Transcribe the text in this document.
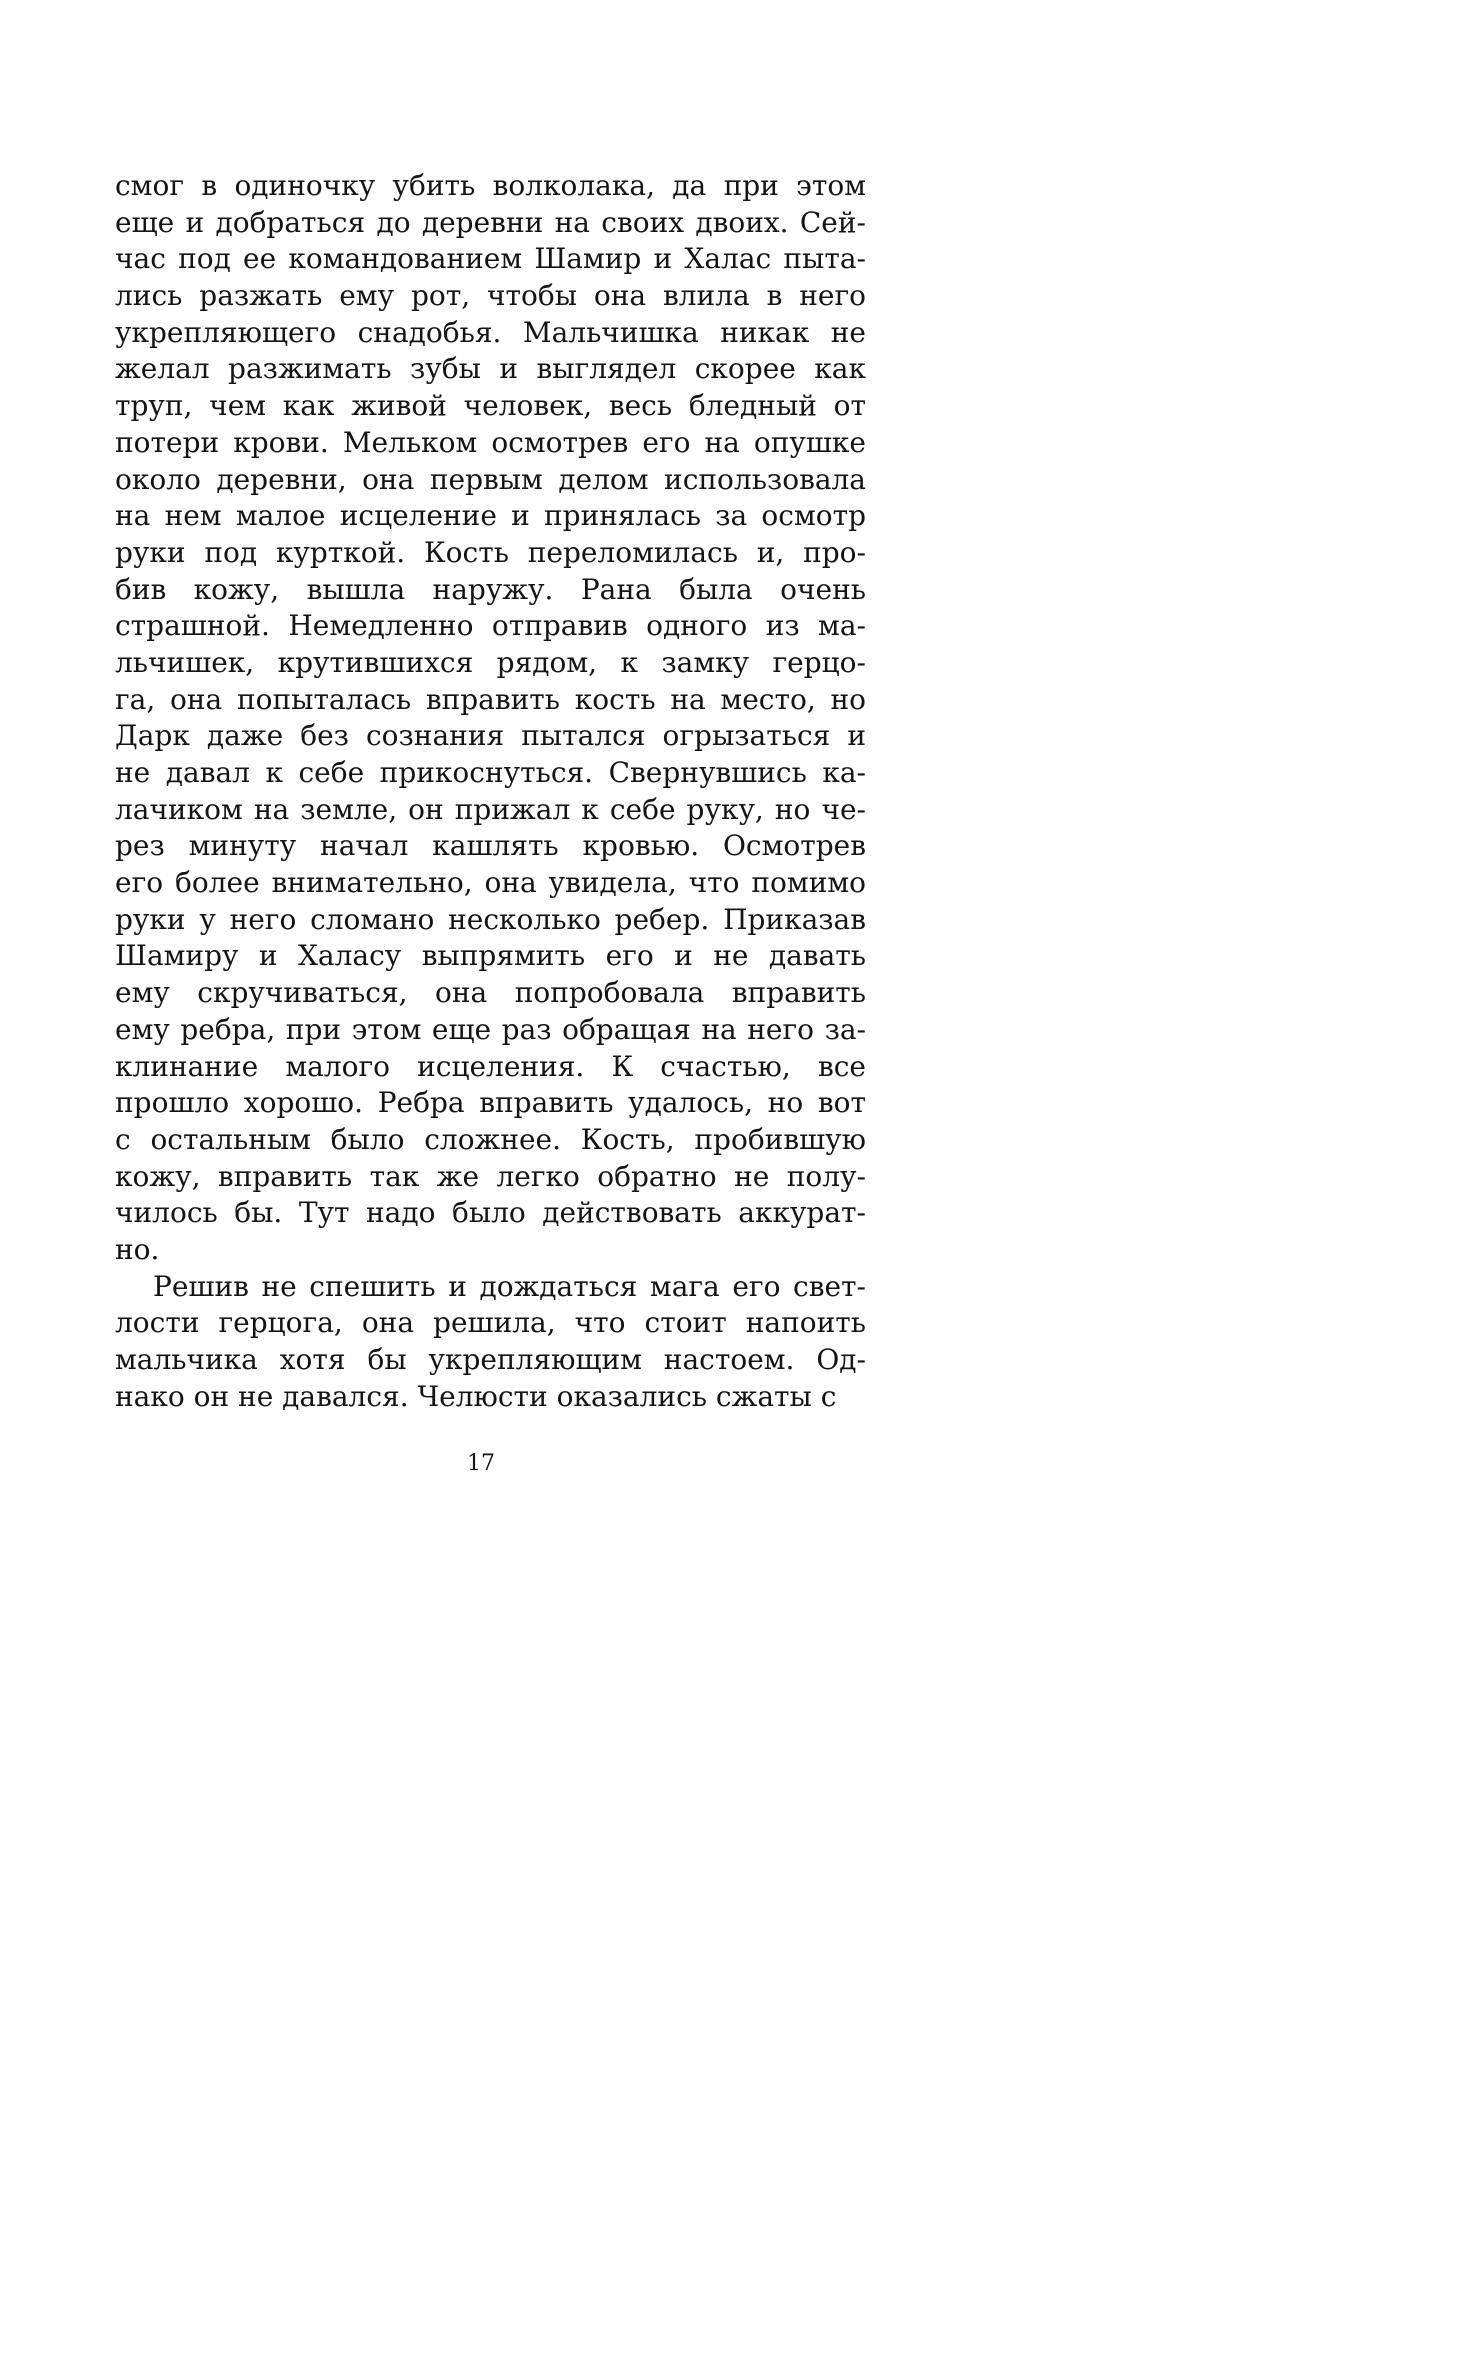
смог в одиночку убить волколака, да при этом
еще и добраться до деревни на своих двоих. Сей-
час под ее командованием Шамир и Халас пыта-
лись разжать ему рот, чтобы она влила в него
укрепляющего снадобья. Мальчишка никак не
желал разжимать зубы и выглядел скорее как
труп, чем как живой человек, весь бледный от
потери крови. Мельком осмотрев его на опушке
около деревни, она первым делом использовала
на нем малое исцеление и принялась за осмотр
руки под курткой. Кость переломилась и, про-
бив кожу, вышла наружу. Рана была очень
страшной. Немедленно отправив одного из ма-
льчишек, крутившихся рядом, к замку герцо-
га, она попыталась вправить кость на место, но
Дарк даже без сознания пытался огрызаться и
не давал к себе прикоснуться. Свернувшись ка-
лачиком на земле, он прижал к себе руку, но че-
рез минуту начал кашлять кровью. Осмотрев
его более внимательно, она увидела, что помимо
руки у него сломано несколько ребер. Приказав
Шамиру и Халасу выпрямить его и не давать
ему скручиваться, она попробовала вправить
ему ребра, при этом еще раз обращая на него за-
клинание малого исцеления. К счастью, все
прошло хорошо. Ребра вправить удалось, но вот
с остальным было сложнее. Кость, пробившую
кожу, вправить так же легко обратно не полу-
чилось бы. Тут надо было действовать аккурат-
но.
Решив не спешить и дождаться мага его свет-
лости герцога, она решила, что стоит напоить
мальчика хотя бы укрепляющим настоем. Од-
нако он не давался. Челюсти оказались сжаты с
17
